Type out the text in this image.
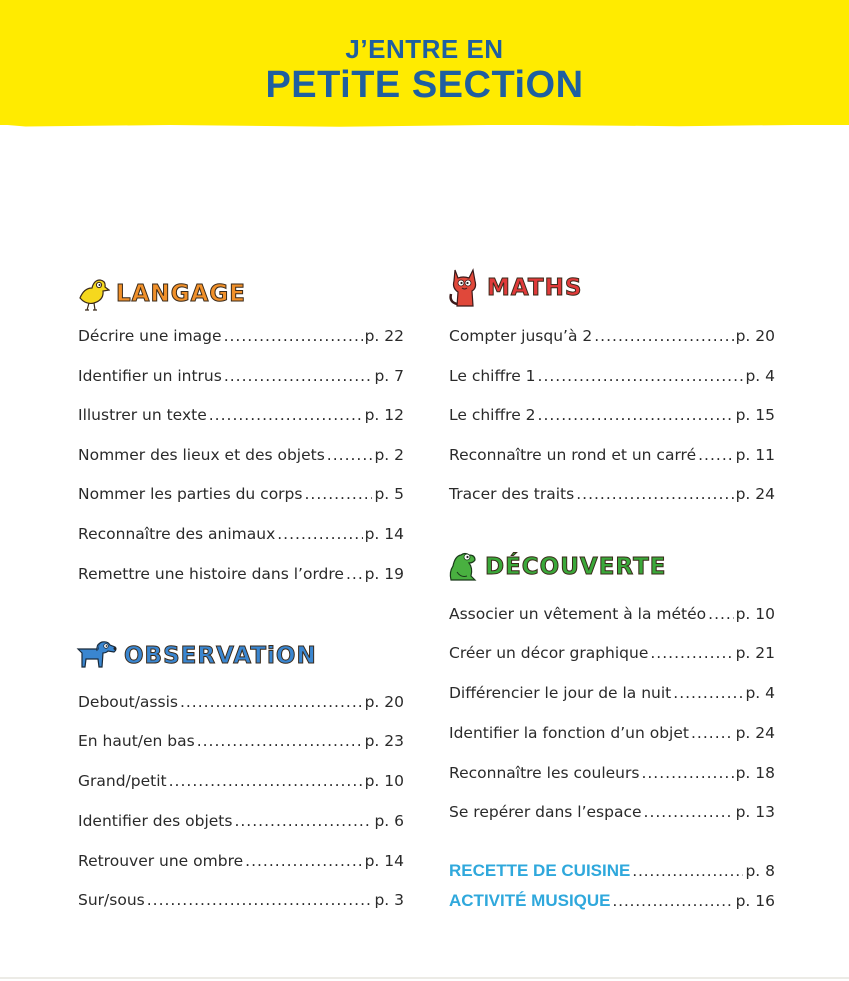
J’ENTRE EN
PETiTE SECTiON
LANGAGE
Décrire une image .....	p. 22
Identifier un intrus .....	p. 7
Illustrer un texte .....	p. 12
Nommer des lieux et des objets .....	p. 2
Nommer les parties du corps .....	p. 5
Reconnaître des animaux .....	p. 14
Remettre une histoire dans l’ordre ..... p. 19
OBSERVATiON
Debout/assis .....	p. 20
En haut/en bas .....	p. 23
Grand/petit .....	p. 10
Identifier des objets .....	p. 6
Retrouver une ombre .....	p. 14
Sur/sous .....	p. 3
MATHS
Compter jusqu’à 2 .....	p. 20
Le chiffre 1 .....	p. 4
Le chiffre 2 .....	p. 15
Reconnaître un rond et un carré .....	p. 11
Tracer des traits .....	p. 24
DÉCOUVERTE
Associer un vêtement à la météo ..... p. 10
Créer un décor graphique .....	p. 21
Différencier le jour de la nuit .....	p. 4
Identifier la fonction d’un objet .....	p. 24
Reconnaître les couleurs .....	p. 18
Se repérer dans l’espace .....	p. 13
RECETTE DE CUISINE .....	p. 8
ACTIVITÉ MUSIQUE .....	p. 16
